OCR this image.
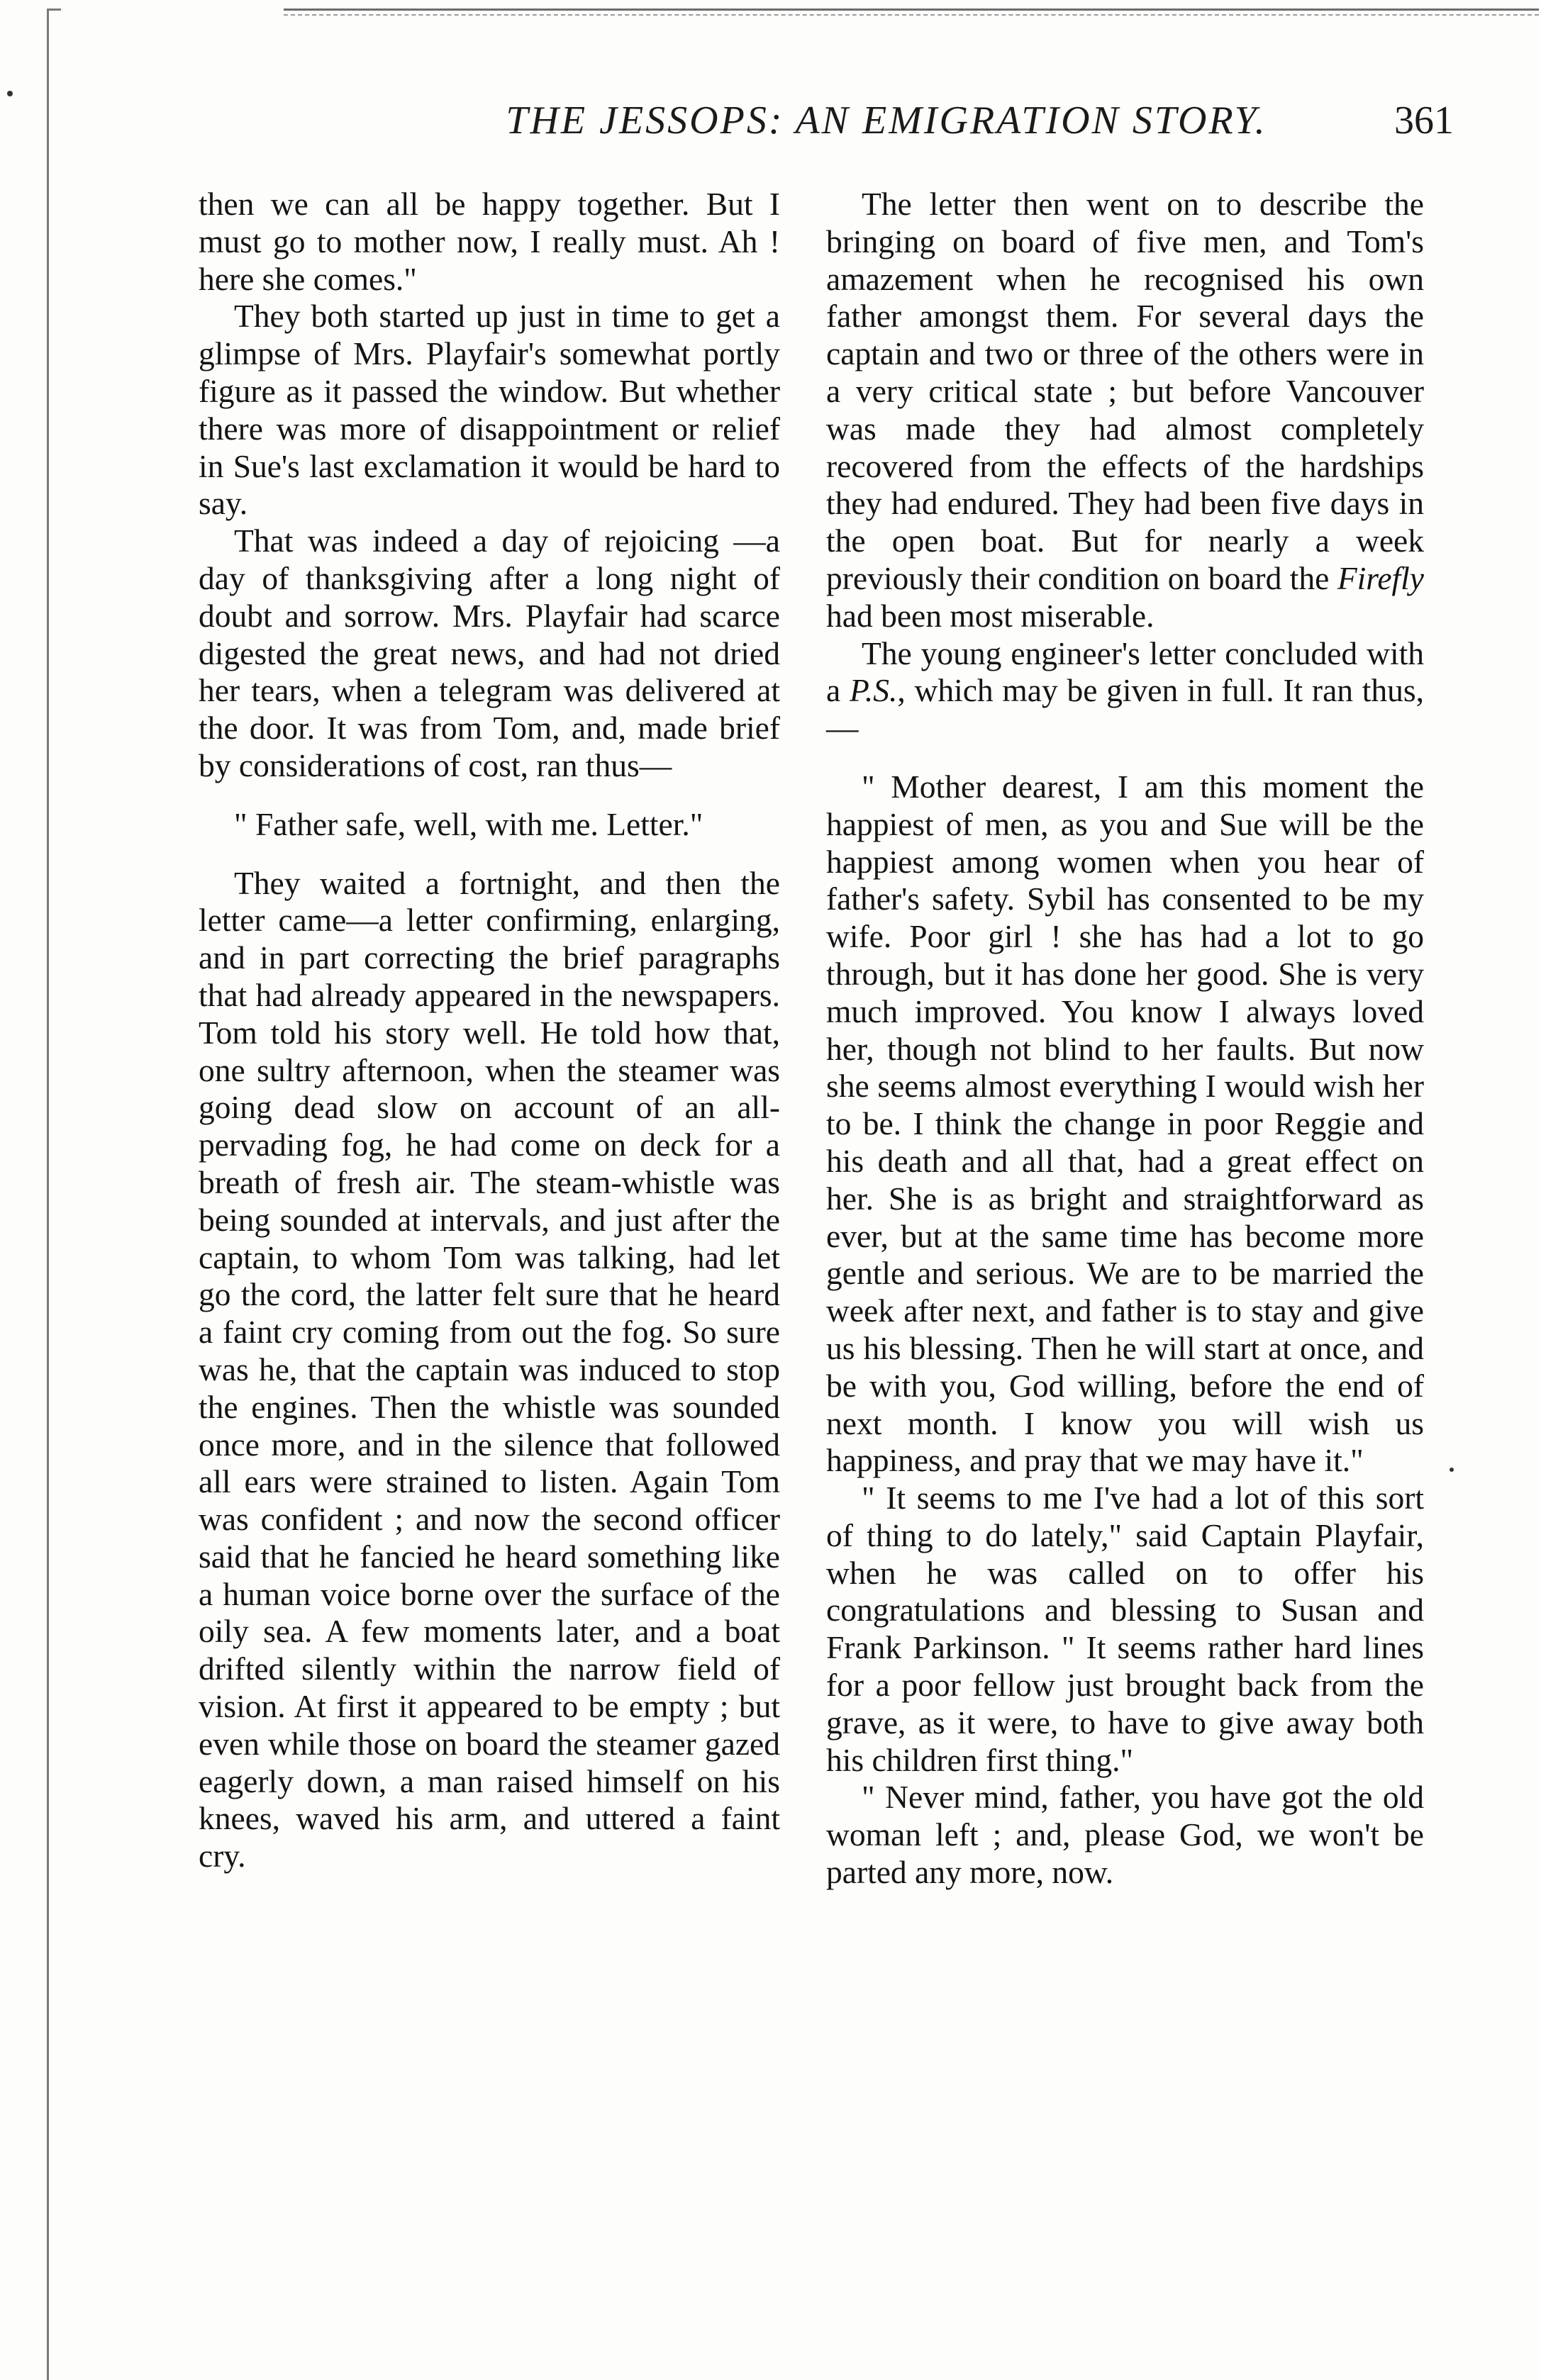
THE JESSOPS: AN EMIGRATION STORY.	361

then we can all be happy together. But I must go to mother now, I really must. Ah ! here she comes."

They both started up just in time to get a glimpse of Mrs. Playfair's somewhat portly figure as it passed the window. But whether there was more of disappointment or relief in Sue's last exclamation it would be hard to say.

That was indeed a day of rejoicing —a day of thanksgiving after a long night of doubt and sorrow. Mrs. Playfair had scarce digested the great news, and had not dried her tears, when a telegram was delivered at the door. It was from Tom, and, made brief by considerations of cost, ran thus—

" Father safe, well, with me. Letter."

They waited a fortnight, and then the letter came—a letter confirming, enlarging, and in part correcting the brief paragraphs that had already appeared in the newspapers. Tom told his story well. He told how that, one sultry afternoon, when the steamer was going dead slow on account of an all-pervading fog, he had come on deck for a breath of fresh air. The steam-whistle was being sounded at intervals, and just after the captain, to whom Tom was talking, had let go the cord, the latter felt sure that he heard a faint cry coming from out the fog. So sure was he, that the captain was induced to stop the engines. Then the whistle was sounded once more, and in the silence that followed all ears were strained to listen. Again Tom was confident ; and now the second officer said that he fancied he heard something like a human voice borne over the surface of the oily sea. A few moments later, and a boat drifted silently within the narrow field of vision. At first it appeared to be empty ; but even while those on board the steamer gazed eagerly down, a man raised himself on his knees, waved his arm, and uttered a faint cry.

The letter then went on to describe the bringing on board of five men, and Tom's amazement when he recognised his own father amongst them. For several days the captain and two or three of the others were in a very critical state ; but before Vancouver was made they had almost completely recovered from the effects of the hardships they had endured. They had been five days in the open boat. But for nearly a week previously their condition on board the Firefly had been most miserable.

The young engineer's letter concluded with a P.S., which may be given in full. It ran thus,—

" Mother dearest, I am this moment the happiest of men, as you and Sue will be the happiest among women when you hear of father's safety. Sybil has consented to be my wife. Poor girl ! she has had a lot to go through, but it has done her good. She is very much improved. You know I always loved her, though not blind to her faults. But now she seems almost everything I would wish her to be. I think the change in poor Reggie and his death and all that, had a great effect on her. She is as bright and straightforward as ever, but at the same time has become more gentle and serious. We are to be married the week after next, and father is to stay and give us his blessing. Then he will start at once, and be with you, God willing, before the end of next month. I know you will wish us happiness, and pray that we may have it."

" It seems to me I've had a lot of this sort of thing to do lately," said Captain Playfair, when he was called on to offer his congratulations and blessing to Susan and Frank Parkinson. " It seems rather hard lines for a poor fellow just brought back from the grave, as it were, to have to give away both his children first thing."

" Never mind, father, you have got the old woman left ; and, please God, we won't be parted any more, now.
